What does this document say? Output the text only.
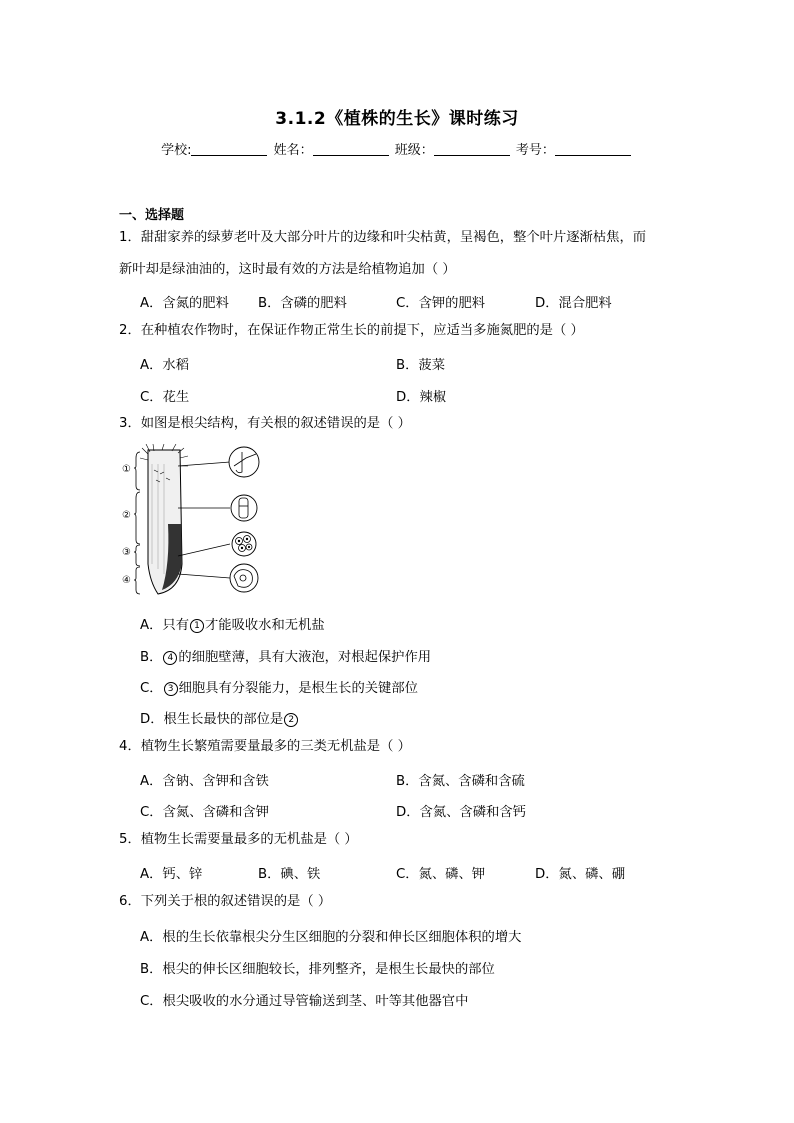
3.1.2《植株的生长》课时练习
学校:	姓名：	班级：	考号：
一、选择题
1．甜甜家养的绿萝老叶及大部分叶片的边缘和叶尖枯黄，呈褐色，整个叶片逐渐枯焦，而
新叶却是绿油油的，这时最有效的方法是给植物追加（ ）
A．含氮的肥料 B．含磷的肥料	C．含钾的肥料	D．混合肥料
2．在种植农作物时，在保证作物正常生长的前提下，应适当多施氮肥的是（ ）
A．水稻	B．菠菜
C．花生	D．辣椒
3．如图是根尖结构，有关根的叙述错误的是（ ）
①
②
③
④
A．只有 1 才能吸收水和无机盐
B． 4 的细胞壁薄，具有大液泡，对根起保护作用
C． 3 细胞具有分裂能力，是根生长的关键部位
D．根生长最快的部位是 2
4．植物生长繁殖需要量最多的三类无机盐是（ ）
A．含钠、含钾和含铁	B．含氮、含磷和含硫
C．含氮、含磷和含钾	D．含氮、含磷和含钙
5．植物生长需要量最多的无机盐是（ ）
A．钙、锌	B．碘、铁	C．氮、磷、钾	D．氮、磷、硼
6．下列关于根的叙述错误的是（ ）
A．根的生长依靠根尖分生区细胞的分裂和伸长区细胞体积的增大
B．根尖的伸长区细胞较长，排列整齐，是根生长最快的部位
C．根尖吸收的水分通过导管输送到茎、叶等其他器官中
